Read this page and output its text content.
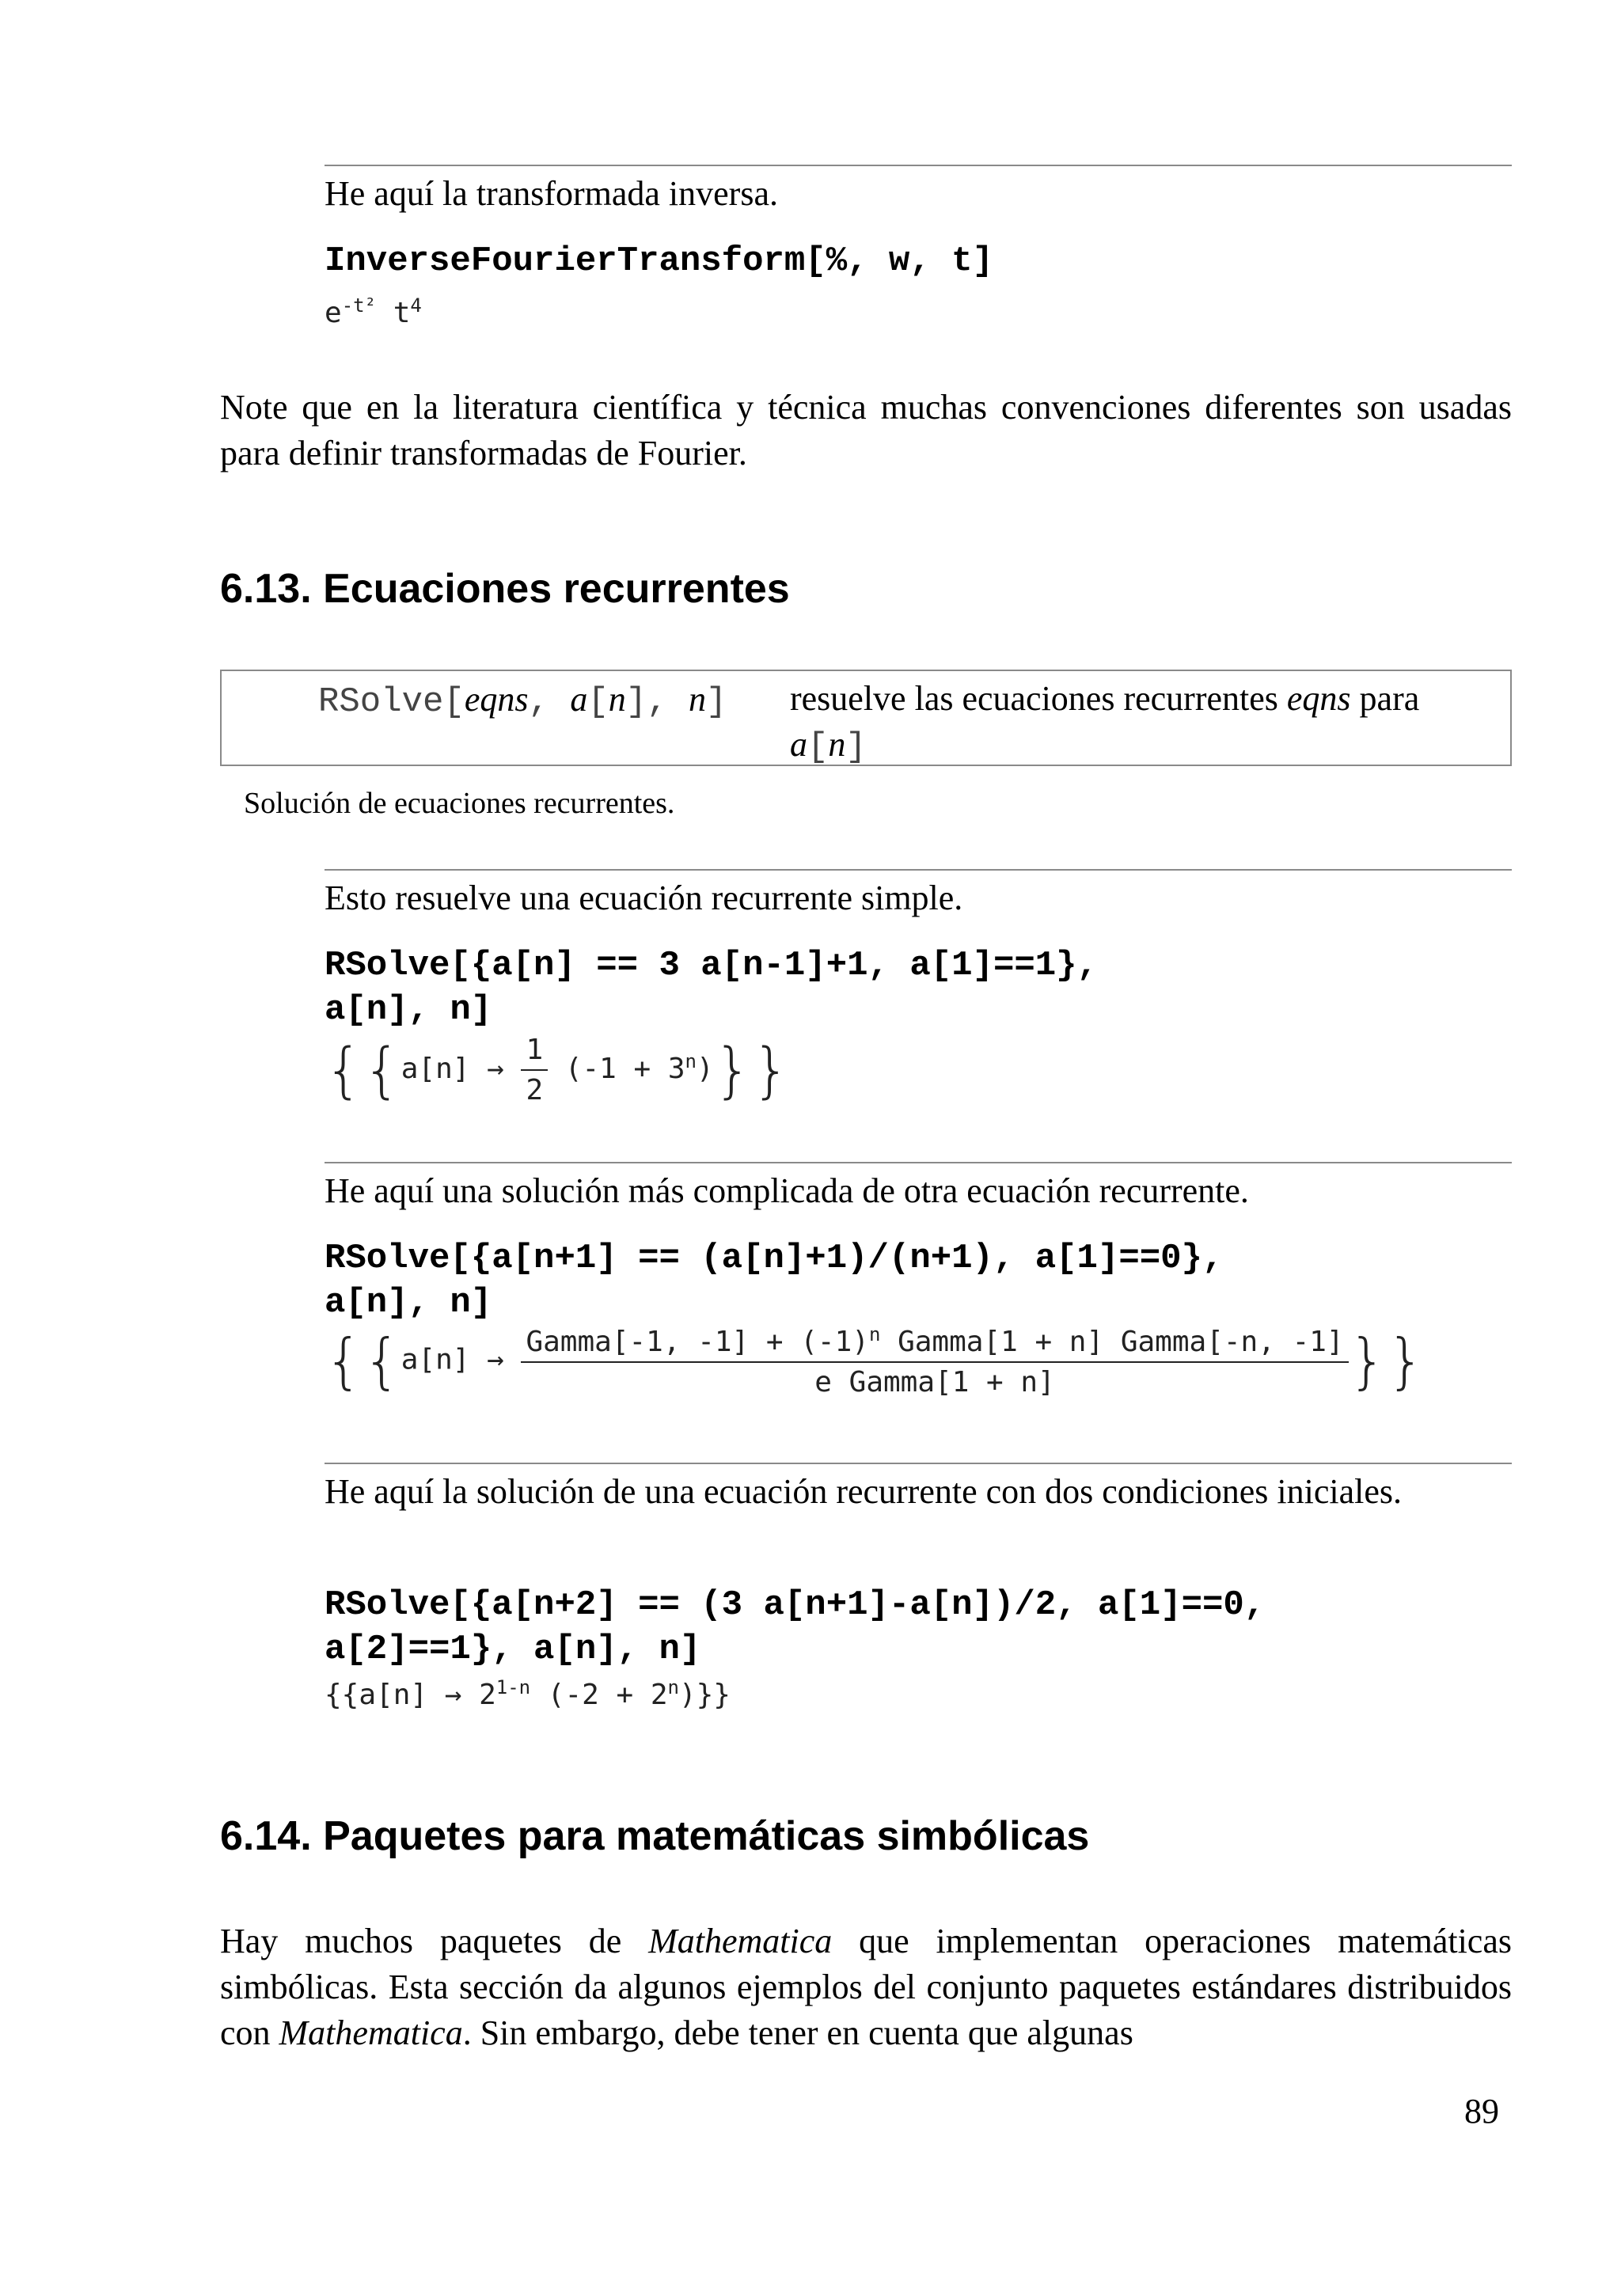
He aquí la transformada inversa.
InverseFourierTransform[%, w, t]
$e^{-t^2}$ $t^4$
Note que en la literatura científica y técnica muchas convenciones diferentes son usadas para definir transformadas de Fourier.
6.13. Ecuaciones recurrentes
RSolve[eqns, a[n], n] resuelve las ecuaciones recurrentes eqns para
a[n]
Solución de ecuaciones recurrentes.
Esto resuelve una ecuación recurrente simple.
RSolve[{a[n] == 3 a[n-1]+1, a[1]==1},
a[n], n]
$\{\{a[n] \to \frac{1}{2} (-1 + 3^n)\}\}$
He aquí una solución más complicada de otra ecuación recurrente.
RSolve[{a[n+1] == (a[n]+1)/(n+1), a[1]==0},
a[n], n]
{{$a[n] \to \frac{Gamma[-1, -1] + (-1)^n Gamma[1 + n] Gamma[-n, -1]}{\text{e Gamma[1 + n]}}$ }}
He aquí la solución de una ecuación recurrente con dos condiciones iniciales.
RSolve[{a[n+2] == (3 a[n+1]-a[n])/2, a[1]==0,
a[2]==1}, a[n], n]
{{$a[n] \to 2^{1-n}$ $(-2 + 2^n)$}}
6.14. Paquetes para matemáticas simbólicas
Hay muchos paquetes de Mathematica que implementan operaciones matemáticas simbólicas. Esta sección da algunos ejemplos del conjunto paquetes estándares distribuidos con Mathematica. Sin embargo, debe tener en cuenta que algunas
89
